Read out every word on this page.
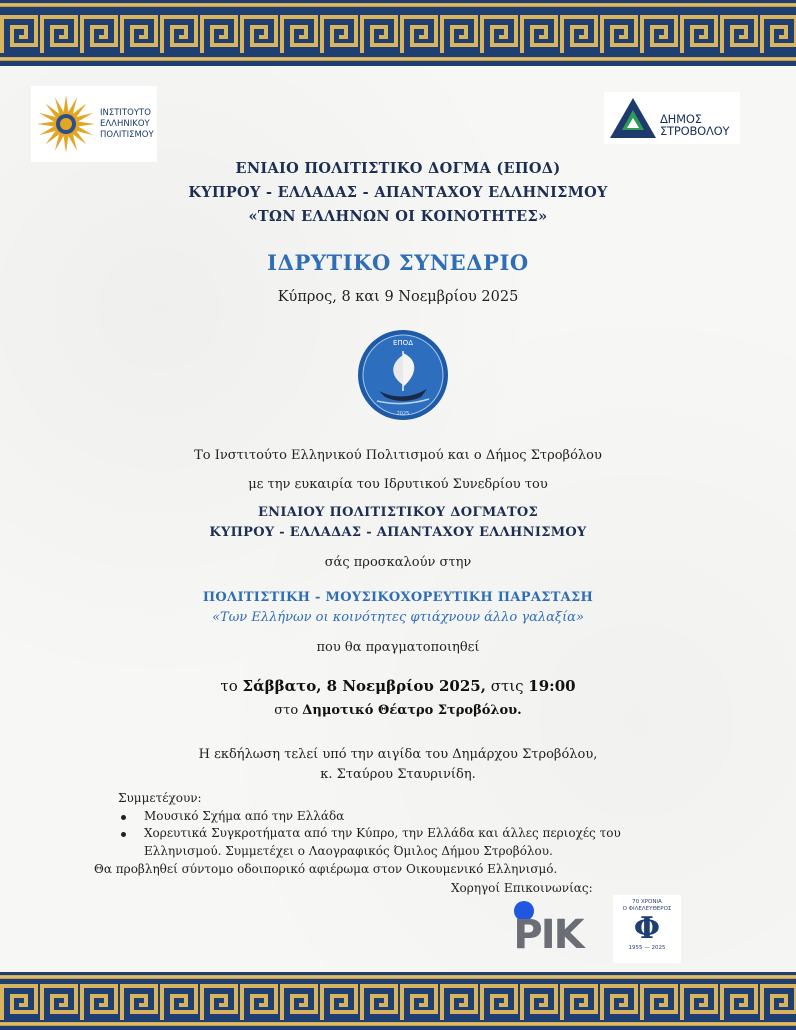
ΙΝΣΤΙΤΟΥΤΟ
ΕΛΛΗΝΙΚΟΥ
ΠΟΛΙΤΙΣΜΟΥ
ΔΗΜΟΣ
ΣΤΡΟΒΟΛΟΥ
ΕΝΙΑΙΟ ΠΟΛΙΤΙΣΤΙΚΟ ΔΟΓΜΑ (ΕΠΟΔ)
ΚΥΠΡΟΥ - ΕΛΛΑΔΑΣ - ΑΠΑΝΤΑΧΟΥ ΕΛΛΗΝΙΣΜΟΥ
«ΤΩΝ ΕΛΛΗΝΩΝ ΟΙ ΚΟΙΝΟΤΗΤΕΣ»
ΙΔΡΥΤΙΚΟ ΣΥΝΕΔΡΙΟ
Κύπρος, 8 και 9 Νοεμβρίου 2025
ΕΠΟΔ
2025
Το Ινστιτούτο Ελληνικού Πολιτισμού και ο Δήμος Στροβόλου
με την ευκαιρία του Ιδρυτικού Συνεδρίου του
ΕΝΙΑΙΟΥ ΠΟΛΙΤΙΣΤΙΚΟΥ ΔΟΓΜΑΤΟΣ
ΚΥΠΡΟΥ - ΕΛΛΑΔΑΣ - ΑΠΑΝΤΑΧΟΥ ΕΛΛΗΝΙΣΜΟΥ
σάς προσκαλούν στην
ΠΟΛΙΤΙΣΤΙΚΗ - ΜΟΥΣΙΚΟΧΟΡΕΥΤΙΚΗ ΠΑΡΑΣΤΑΣΗ
«Των Ελλήνων οι κοινότητες φτιάχνουν άλλο γαλαξία»
που θα πραγματοποιηθεί
το Σάββατο, 8 Νοεμβρίου 2025, στις 19:00
στο Δημοτικό Θέατρο Στροβόλου.
Η εκδήλωση τελεί υπό την αιγίδα του Δημάρχου Στροβόλου,
κ. Σταύρου Σταυρινίδη.
Συμμετέχουν:
Μουσικό Σχήμα από την Ελλάδα
Χορευτικά Συγκροτήματα από την Κύπρο, την Ελλάδα και άλλες περιοχές του Ελληνισμού. Συμμετέχει ο Λαογραφικός Όμιλος Δήμου Στροβόλου.
Θα προβληθεί σύντομο οδοιπορικό αφιέρωμα στον Οικουμενικό Ελληνισμό.
Χορηγοί Επικοινωνίας:
ΡΙΚ
70 ΧΡΟΝΙΑ
Ο ΦΙΛΕΛΕΥΘΕΡΟΣ
Φ
1955 — 2025
